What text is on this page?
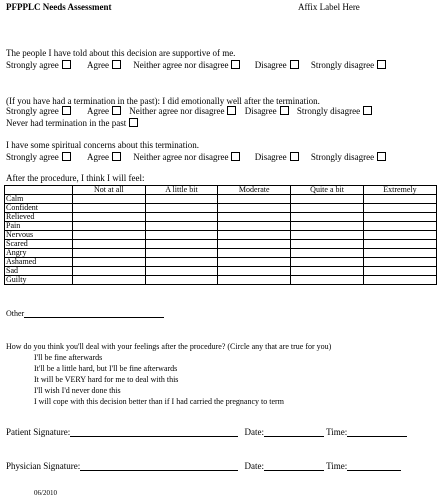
PFPPLC Needs Assessment	Affix Label Here
The people I have told about this decision are supportive of me.
Strongly agree	Agree	Neither agree nor disagree	Disagree	Strongly disagree
(If you have had a termination in the past): I did emotionally well after the termination.
Strongly agree	Agree Neither agree nor disagree Disagree Strongly disagree
Never had termination in the past
I have some spiritual concerns about this termination.
Strongly agree	Agree	Neither agree nor disagree	Disagree	Strongly disagree
After the procedure, I think I will feel:
	Not at all	A little bit	Moderate	Quite a bit	Extremely
Calm					
Confident					
Relieved					
Pain					
Nervous					
Scared					
Angry					
Ashamed					
Sad					
Guilty					
Other
How do you think you'll deal with your feelings after the procedure? (Circle any that are true for you)
I'll be fine afterwards
It'll be a little hard, but I'll be fine afterwards
It will be VERY hard for me to deal with this
I'll wish I'd never done this
I will cope with this decision better than if I had carried the pregnancy to term
Patient Signature:	Date:	Time:
Physician Signature:	Date:	Time:
06/2010
